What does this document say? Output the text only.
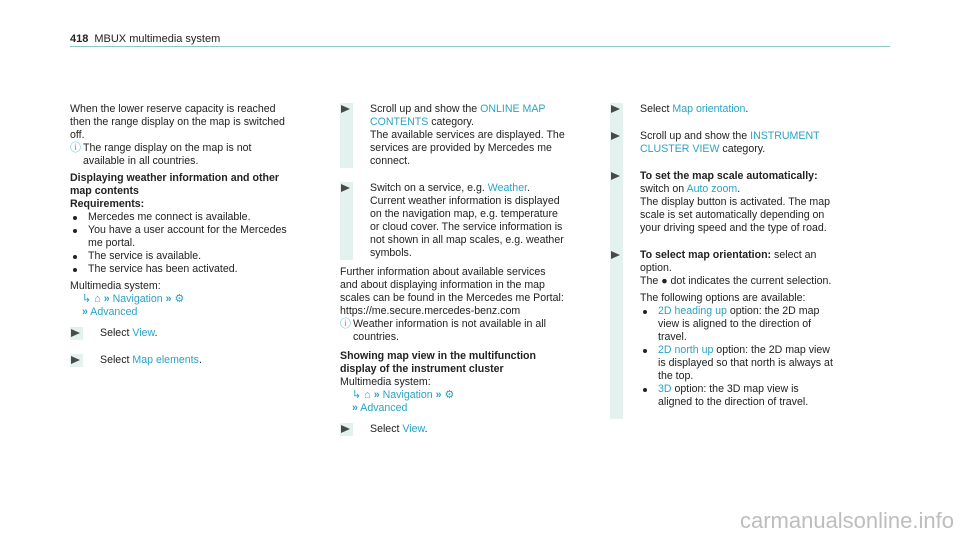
418 MBUX multimedia system

When the lower reserve capacity is reached then the range display on the map is switched off.

ⓘ The range display on the map is not available in all countries.

Displaying weather information and other map contents

Requirements:

Mercedes me connect is available.
You have a user account for the Mercedes me portal.
The service is available.
The service has been activated.

Multimedia system:

↳ ⌂ » Navigation » ⚙

» Advanced

Select View.
Select Map elements.
Scroll up and show the ONLINE MAP CONTENTS category.
The available services are displayed. The services are provided by Mercedes me connect.
Switch on a service, e.g. Weather.
Current weather information is displayed on the navigation map, e.g. temperature or cloud cover. The service information is not shown in all map scales, e.g. weather symbols.

Further information about available services and about displaying information in the map scales can be found in the Mercedes me Portal: https://me.secure.mercedes-benz.com

ⓘ Weather information is not available in all countries.

Showing map view in the multifunction display of the instrument cluster

Multimedia system:

↳ ⌂ » Navigation » ⚙

» Advanced

Select View.
Select Map orientation.
Scroll up and show the INSTRUMENT CLUSTER VIEW category.
To set the map scale automatically: switch on Auto zoom.
The display button is activated. The map scale is set automatically depending on your driving speed and the type of road.
To select map orientation: select an option.
The ● dot indicates the current selection.
The following options are available:
2D heading up option: the 2D map view is aligned to the direction of travel.
2D north up option: the 2D map view is displayed so that north is always at the top.
3D option: the 3D map view is aligned to the direction of travel.
carmanualsonline.info
